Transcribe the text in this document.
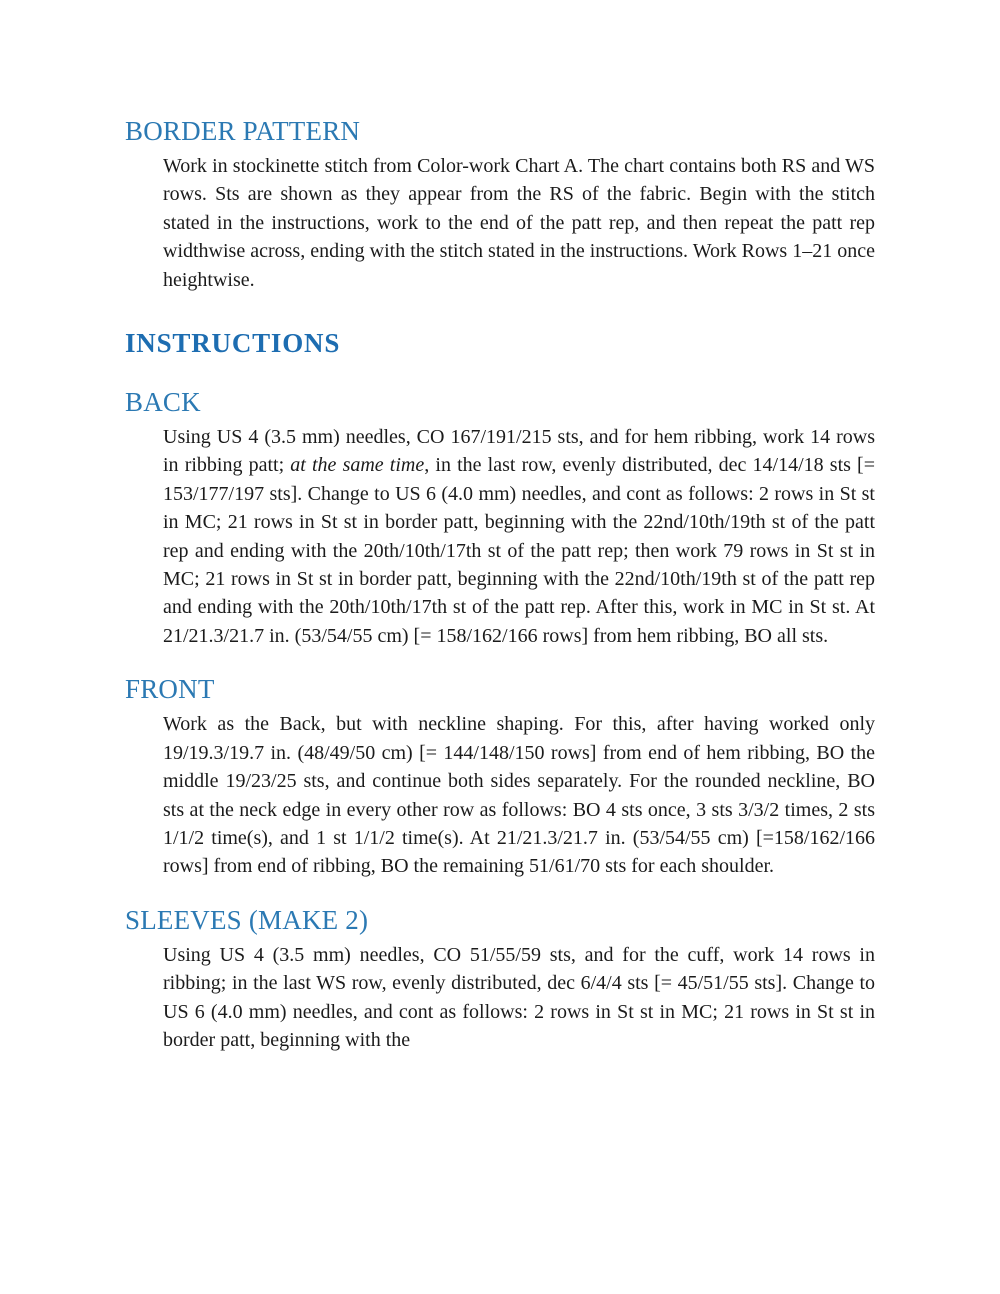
BORDER PATTERN

Work in stockinette stitch from Color-work Chart A. The chart contains both RS and WS rows. Sts are shown as they appear from the RS of the fabric. Begin with the stitch stated in the instructions, work to the end of the patt rep, and then repeat the patt rep widthwise across, ending with the stitch stated in the instructions. Work Rows 1–21 once heightwise.

INSTRUCTIONS
BACK

Using US 4 (3.5 mm) needles, CO 167/191/215 sts, and for hem ribbing, work 14 rows in ribbing patt; at the same time, in the last row, evenly distributed, dec 14/14/18 sts [= 153/177/197 sts]. Change to US 6 (4.0 mm) needles, and cont as follows: 2 rows in St st in MC; 21 rows in St st in border patt, beginning with the 22nd/10th/19th st of the patt rep and ending with the 20th/10th/17th st of the patt rep; then work 79 rows in St st in MC; 21 rows in St st in border patt, beginning with the 22nd/10th/19th st of the patt rep and ending with the 20th/10th/17th st of the patt rep. After this, work in MC in St st. At 21/21.3/21.7 in. (53/54/55 cm) [= 158/162/166 rows] from hem ribbing, BO all sts.

FRONT

Work as the Back, but with neckline shaping. For this, after having worked only 19/19.3/19.7 in. (48/49/50 cm) [= 144/148/150 rows] from end of hem ribbing, BO the middle 19/23/25 sts, and continue both sides separately. For the rounded neckline, BO sts at the neck edge in every other row as follows: BO 4 sts once, 3 sts 3/3/2 times, 2 sts 1/1/2 time(s), and 1 st 1/1/2 time(s). At 21/21.3/21.7 in. (53/54/55 cm) [=158/162/166 rows] from end of ribbing, BO the remaining 51/61/70 sts for each shoulder.

SLEEVES (MAKE 2)

Using US 4 (3.5 mm) needles, CO 51/55/59 sts, and for the cuff, work 14 rows in ribbing; in the last WS row, evenly distributed, dec 6/4/4 sts [= 45/51/55 sts]. Change to US 6 (4.0 mm) needles, and cont as follows: 2 rows in St st in MC; 21 rows in St st in border patt, beginning with the
